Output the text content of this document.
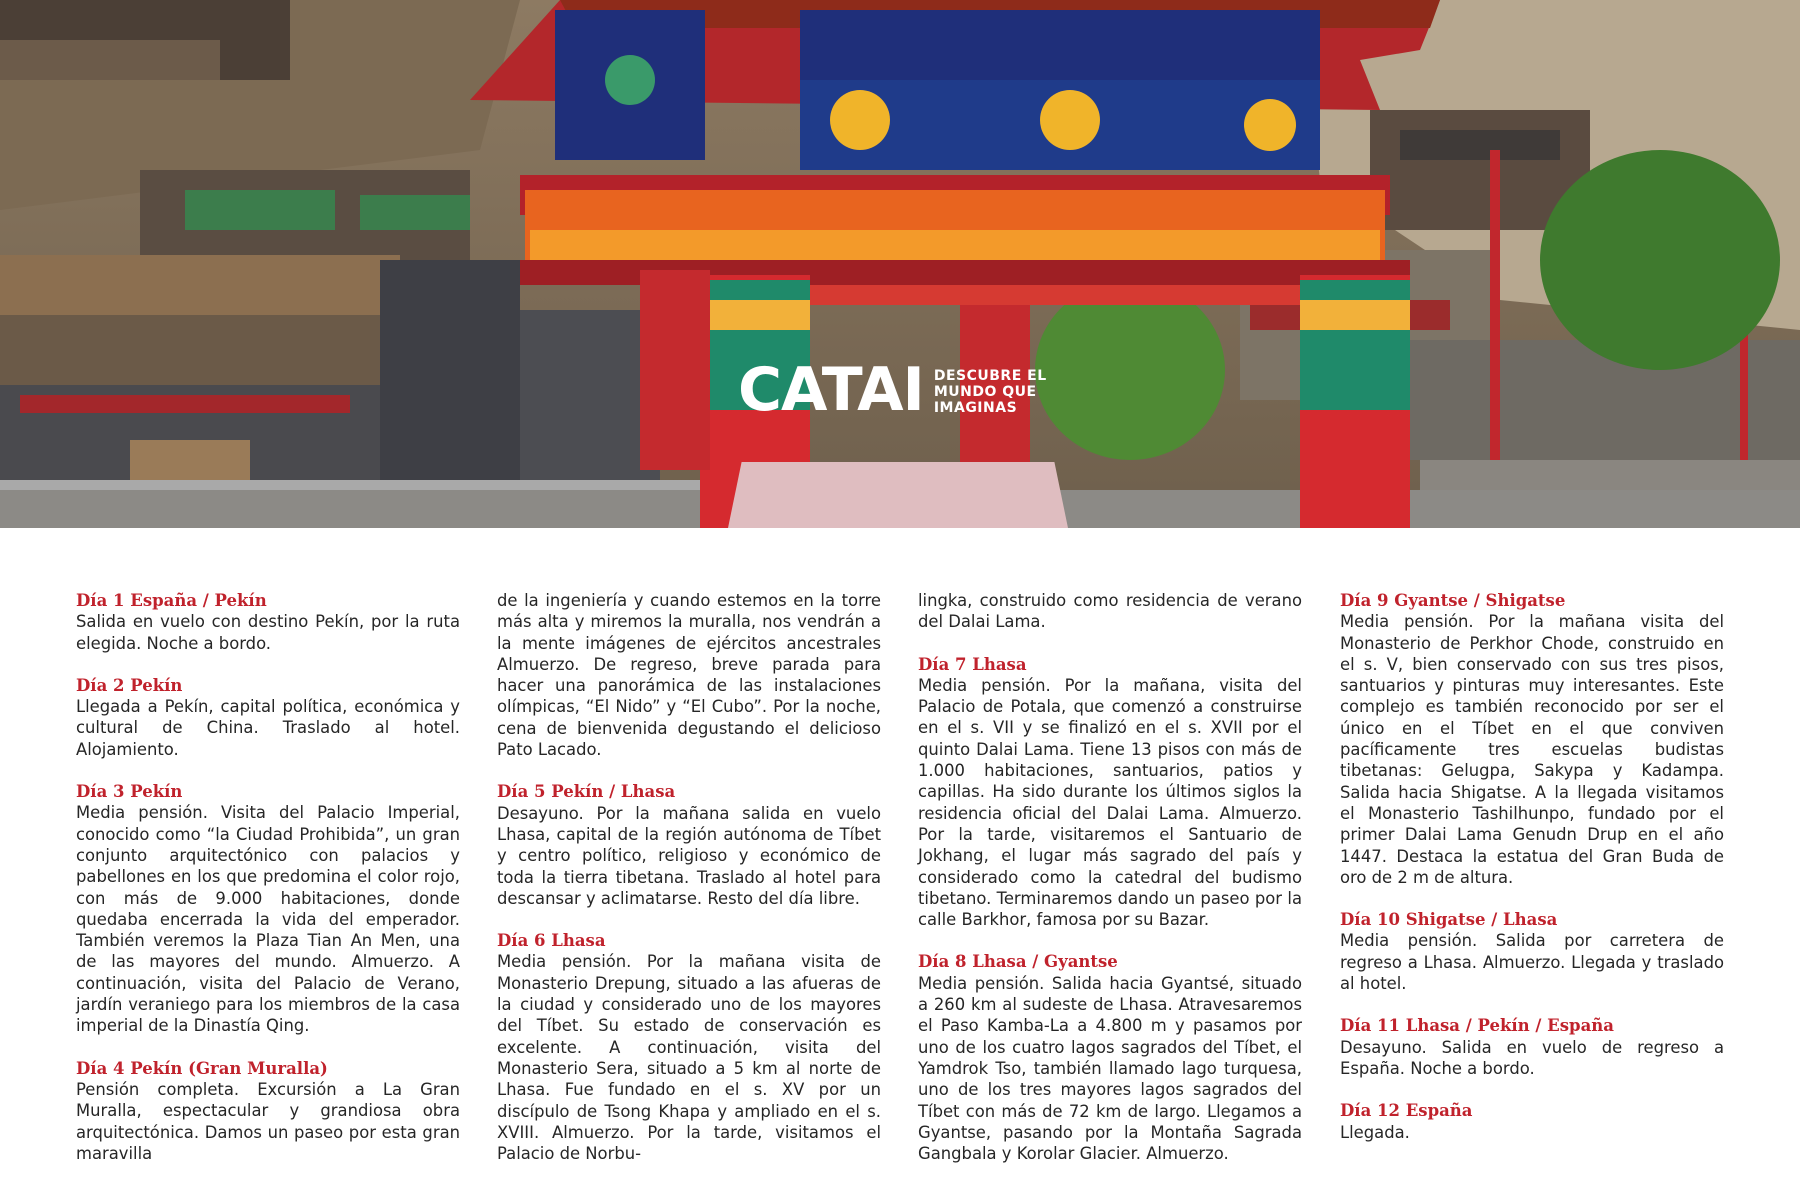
CATAI DESCUBRE EL MUNDO QUE IMAGINAS
Día 1 España / Pekín
Salida en vuelo con destino Pekín, por la ruta elegida. Noche a bordo.
Día 2 Pekín
Llegada a Pekín, capital política, económica y cultural de China. Traslado al hotel. Alojamiento.
Día 3 Pekín
Media pensión. Visita del Palacio Imperial, conocido como “la Ciudad Prohibida”, un gran conjunto arquitectónico con palacios y pabellones en los que predomina el color rojo, con más de 9.000 habitaciones, donde quedaba encerrada la vida del emperador. También veremos la Plaza Tian An Men, una de las mayores del mundo. Almuerzo. A continuación, visita del Palacio de Verano, jardín veraniego para los miembros de la casa imperial de la Dinastía Qing.
Día 4 Pekín (Gran Muralla)
Pensión completa. Excursión a La Gran Muralla, espectacular y grandiosa obra arquitectónica. Damos un paseo por esta gran maravilla
de la ingeniería y cuando estemos en la torre más alta y miremos la muralla, nos vendrán a la mente imágenes de ejércitos ancestrales Almuerzo. De regreso, breve parada para hacer una panorámica de las instalaciones olímpicas, “El Nido” y “El Cubo”. Por la noche, cena de bienvenida degustando el delicioso Pato Lacado.
Día 5 Pekín / Lhasa
Desayuno. Por la mañana salida en vuelo Lhasa, capital de la región autónoma de Tíbet y centro político, religioso y económico de toda la tierra tibetana. Traslado al hotel para descansar y aclimatarse. Resto del día libre.
Día 6 Lhasa
Media pensión. Por la mañana visita de Monasterio Drepung, situado a las afueras de la ciudad y considerado uno de los mayores del Tíbet. Su estado de conservación es excelente. A continuación, visita del Monasterio Sera, situado a 5 km al norte de Lhasa. Fue fundado en el s. XV por un discípulo de Tsong Khapa y ampliado en el s. XVIII. Almuerzo. Por la tarde, visitamos el Palacio de Norbu-
lingka, construido como residencia de verano del Dalai Lama.
Día 7 Lhasa
Media pensión. Por la mañana, visita del Palacio de Potala, que comenzó a construirse en el s. VII y se finalizó en el s. XVII por el quinto Dalai Lama. Tiene 13 pisos con más de 1.000 habitaciones, santuarios, patios y capillas. Ha sido durante los últimos siglos la residencia oficial del Dalai Lama. Almuerzo. Por la tarde, visitaremos el Santuario de Jokhang, el lugar más sagrado del país y considerado como la catedral del budismo tibetano. Terminaremos dando un paseo por la calle Barkhor, famosa por su Bazar.
Día 8 Lhasa / Gyantse
Media pensión. Salida hacia Gyantsé, situado a 260 km al sudeste de Lhasa. Atravesaremos el Paso Kamba-La a 4.800 m y pasamos por uno de los cuatro lagos sagrados del Tíbet, el Yamdrok Tso, también llamado lago turquesa, uno de los tres mayores lagos sagrados del Tíbet con más de 72 km de largo. Llegamos a Gyantse, pasando por la Montaña Sagrada Gangbala y Korolar Glacier. Almuerzo.
Día 9 Gyantse / Shigatse
Media pensión. Por la mañana visita del Monasterio de Perkhor Chode, construido en el s. V, bien conservado con sus tres pisos, santuarios y pinturas muy interesantes. Este complejo es también reconocido por ser el único en el Tíbet en el que conviven pacíficamente tres escuelas budistas tibetanas: Gelugpa, Sakypa y Kadampa. Salida hacia Shigatse. A la llegada visitamos el Monasterio Tashilhunpo, fundado por el primer Dalai Lama Genudn Drup en el año 1447. Destaca la estatua del Gran Buda de oro de 2 m de altura.
Día 10 Shigatse / Lhasa
Media pensión. Salida por carretera de regreso a Lhasa. Almuerzo. Llegada y traslado al hotel.
Día 11 Lhasa / Pekín / España
Desayuno. Salida en vuelo de regreso a España. Noche a bordo.
Día 12 España
Llegada.
